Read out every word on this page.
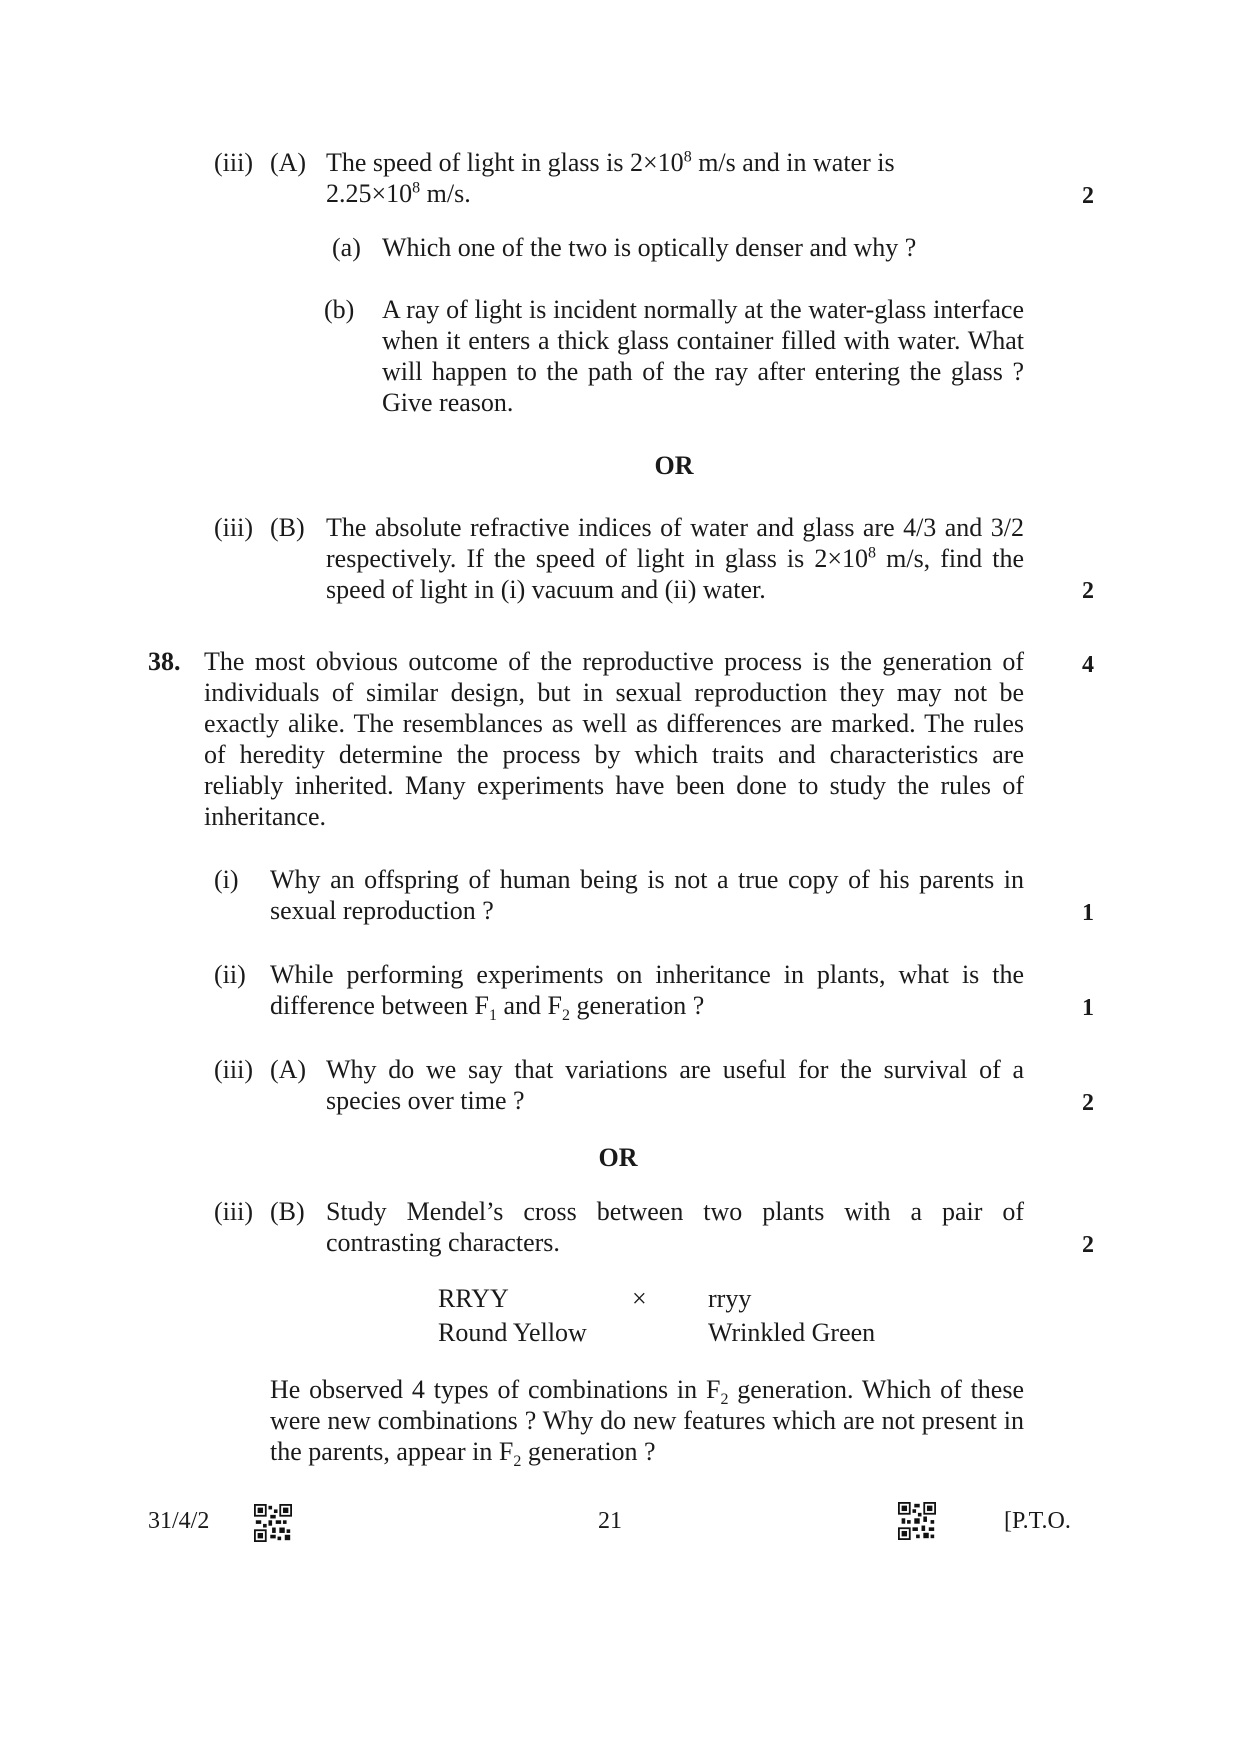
(iii) (A) The speed of light in glass is $2\times 10^8$ m/s and in water is
$2.25\times 10^8$ m/s.	2
(a) Which one of the two is optically denser and why ?
(b) A ray of light is incident normally at the water-glass interface when it enters a thick glass container filled with water. What will happen to the path of the ray after entering the glass ? Give reason.
OR
(iii) (B) The absolute refractive indices of water and glass are 4/3 and 3/2 respectively. If the speed of light in glass is $2\times 10^8$ m/s, find the speed of light in (i) vacuum and (ii) water.	2
38. The most obvious outcome of the reproductive process is the generation of individuals of similar design, but in sexual reproduction they may not be exactly alike. The resemblances as well as differences are marked. The rules of heredity determine the process by which traits and characteristics are reliably inherited. Many experiments have been done to study the rules of inheritance.
4
(i) Why an offspring of human being is not a true copy of his parents in sexual reproduction ?	1
(ii) While performing experiments on inheritance in plants, what is the difference between $F_1$ and $F_2$ generation ?	1
(iii) (A) Why do we say that variations are useful for the survival of a species over time ?	2
OR
(iii) (B) Study Mendel’s cross between two plants with a pair of contrasting characters.	2
RRYY	× rryy
Round Yellow	Wrinkled Green
He observed 4 types of combinations in $F_2$ generation. Which of these were new combinations ? Why do new features which are not present in the parents, appear in $F_2$ generation ?
31/4/2	21	[P.T.O.
